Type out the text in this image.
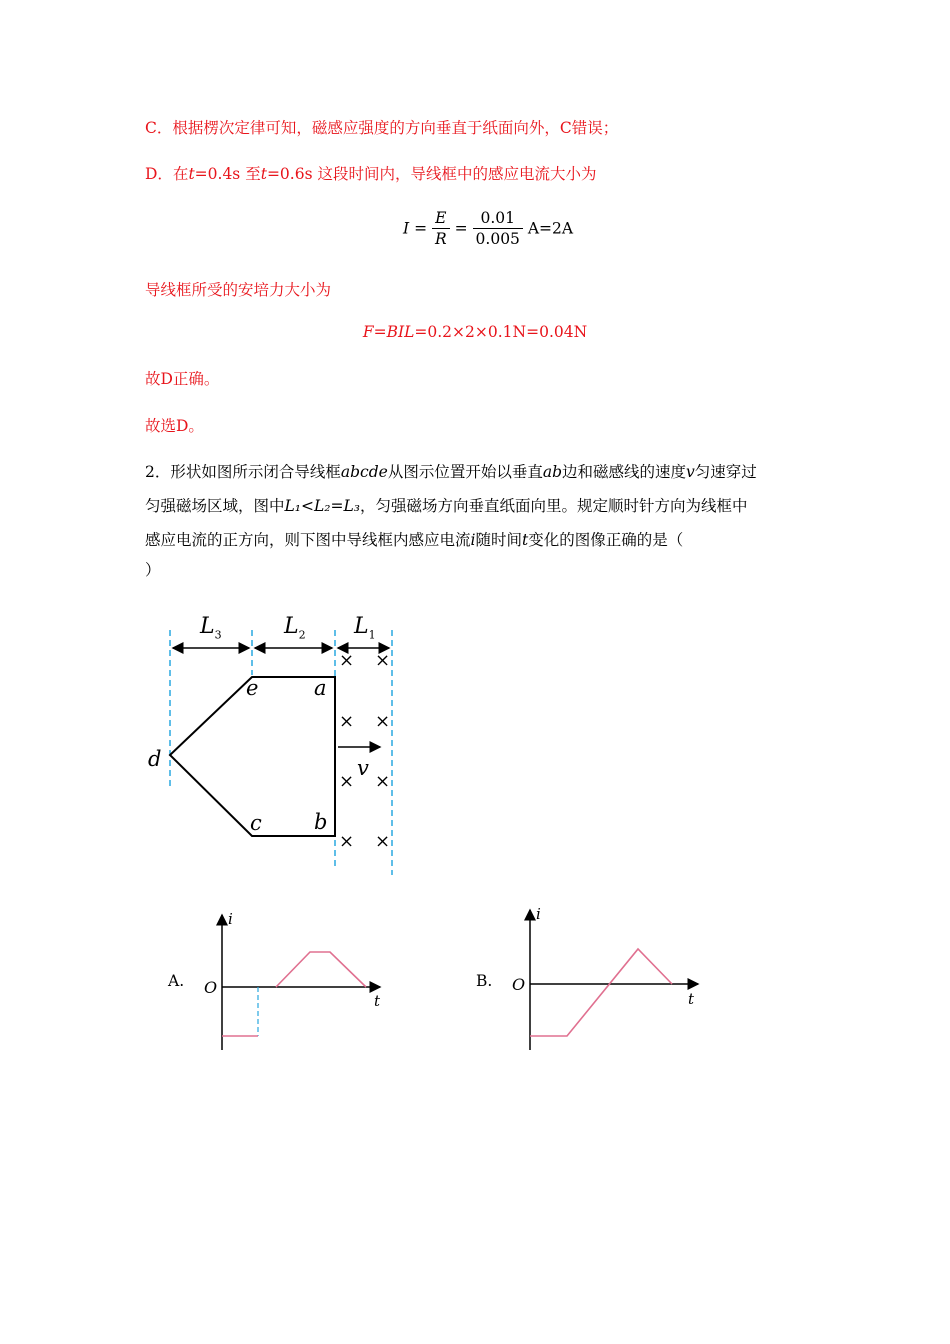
C．根据楞次定律可知，磁感应强度的方向垂直于纸面向外，C错误；
D．在t=0.4s 至t=0.6s 这段时间内，导线框中的感应电流大小为
$I = \frac{E}{R} = \frac{0.01}{0.005} A=2A$
导线框所受的安培力大小为
F=BIL=0.2×2×0.1N=0.04N
故D正确。
故选D。
2．形状如图所示闭合导线框abcde从图示位置开始以垂直ab边和磁感线的速度v匀速穿过
匀强磁场区域，图中L₁<L₂=L₃，匀强磁场方向垂直纸面向里。规定顺时针方向为线框中
感应电流的正方向，则下图中导线框内感应电流i随时间t变化的图像正确的是（
）
$L_3$	$L_2$ $L_1$
e	a
d
c b
v
× ×
× ×
× ×
× ×
A.
i
t
O	B.
i
t
O
